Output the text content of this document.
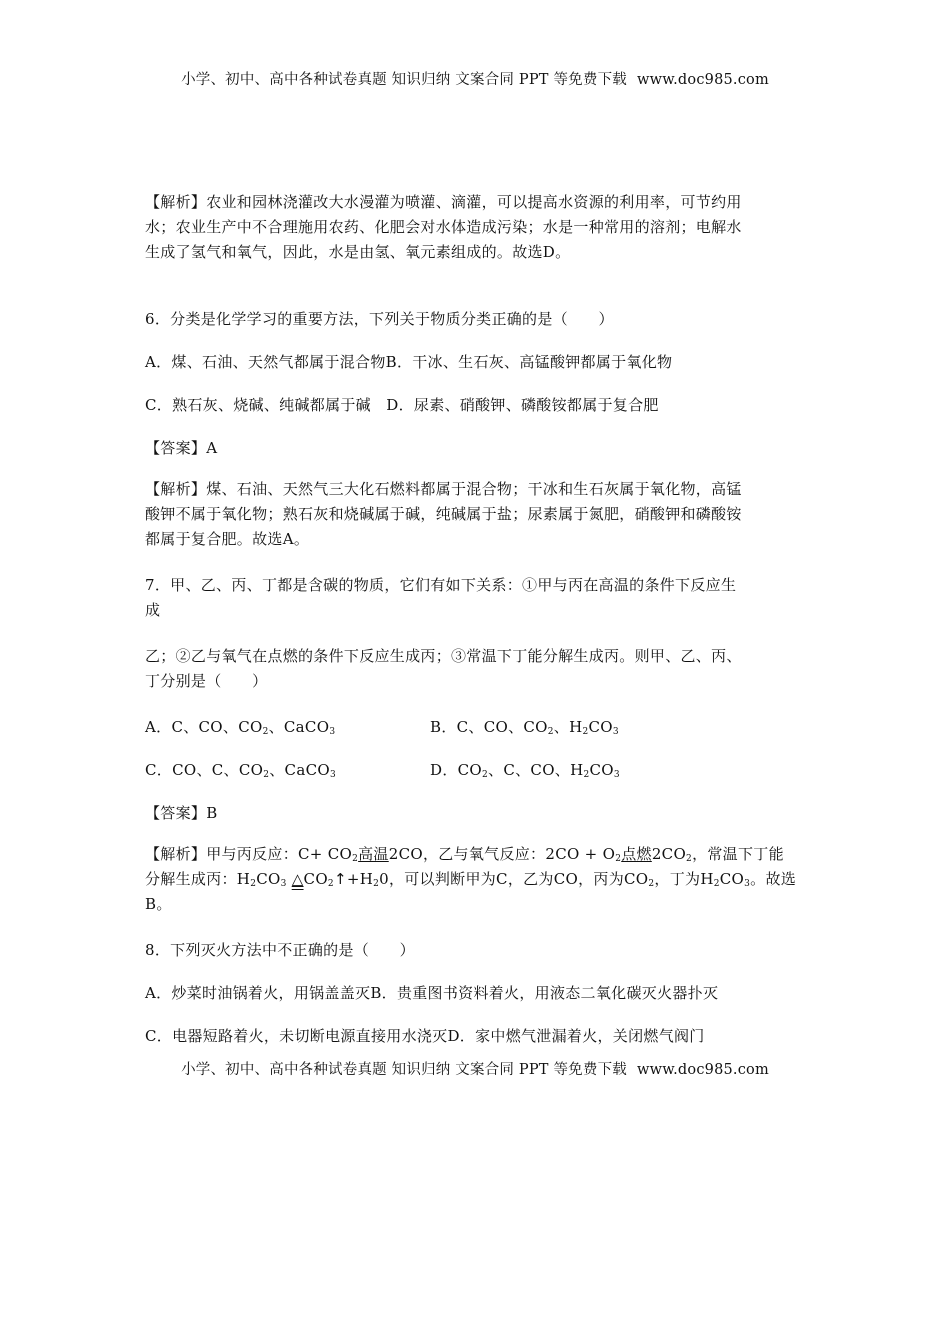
小学、初中、高中各种试卷真题 知识归纳 文案合同 PPT 等免费下载 www.doc985.com
【解析】农业和园林浇灌改大水漫灌为喷灌、滴灌，可以提高水资源的利用率，可节约用
水；农业生产中不合理施用农药、化肥会对水体造成污染；水是一种常用的溶剂；电解水
生成了氢气和氧气，因此，水是由氢、氧元素组成的。故选D。
6．分类是化学学习的重要方法，下列关于物质分类正确的是（　　）
A．煤、石油、天然气都属于混合物B．干冰、生石灰、高锰酸钾都属于氧化物
C．熟石灰、烧碱、纯碱都属于碱　D．尿素、硝酸钾、磷酸铵都属于复合肥
【答案】A
【解析】煤、石油、天然气三大化石燃料都属于混合物；干冰和生石灰属于氧化物，高锰
酸钾不属于氧化物；熟石灰和烧碱属于碱，纯碱属于盐；尿素属于氮肥，硝酸钾和磷酸铵
都属于复合肥。故选A。
7．甲、乙、丙、丁都是含碳的物质，它们有如下关系：①甲与丙在高温的条件下反应生
成
乙；②乙与氧气在点燃的条件下反应生成丙；③常温下丁能分解生成丙。则甲、乙、丙、
丁分别是（　　）
A．C、CO、$CO_2$、CaCO$_3$	B．C、CO、$CO_2$、$H_2CO_3$
C．CO、C、$CO_2$、CaCO$_3$	D．$CO_2$、C、CO、$H_2CO_3$
【答案】B
【解析】甲与丙反应：$C+ CO_2$高温2CO，乙与氧气反应：$2CO + O_2$点燃$2CO_2$，常温下丁能
分解生成丙：$H_2CO_3$ $\triangle CO_2↑+H_20$，可以判断甲为C，乙为CO，丙为$CO_2$，丁为$H_2CO_3$。故选
B。
8．下列灭火方法中不正确的是（　　）
A．炒菜时油锅着火，用锅盖盖灭B．贵重图书资料着火，用液态二氧化碳灭火器扑灭
C．电器短路着火，未切断电源直接用水浇灭D．家中燃气泄漏着火，关闭燃气阀门
小学、初中、高中各种试卷真题 知识归纳 文案合同 PPT 等免费下载 www.doc985.com
